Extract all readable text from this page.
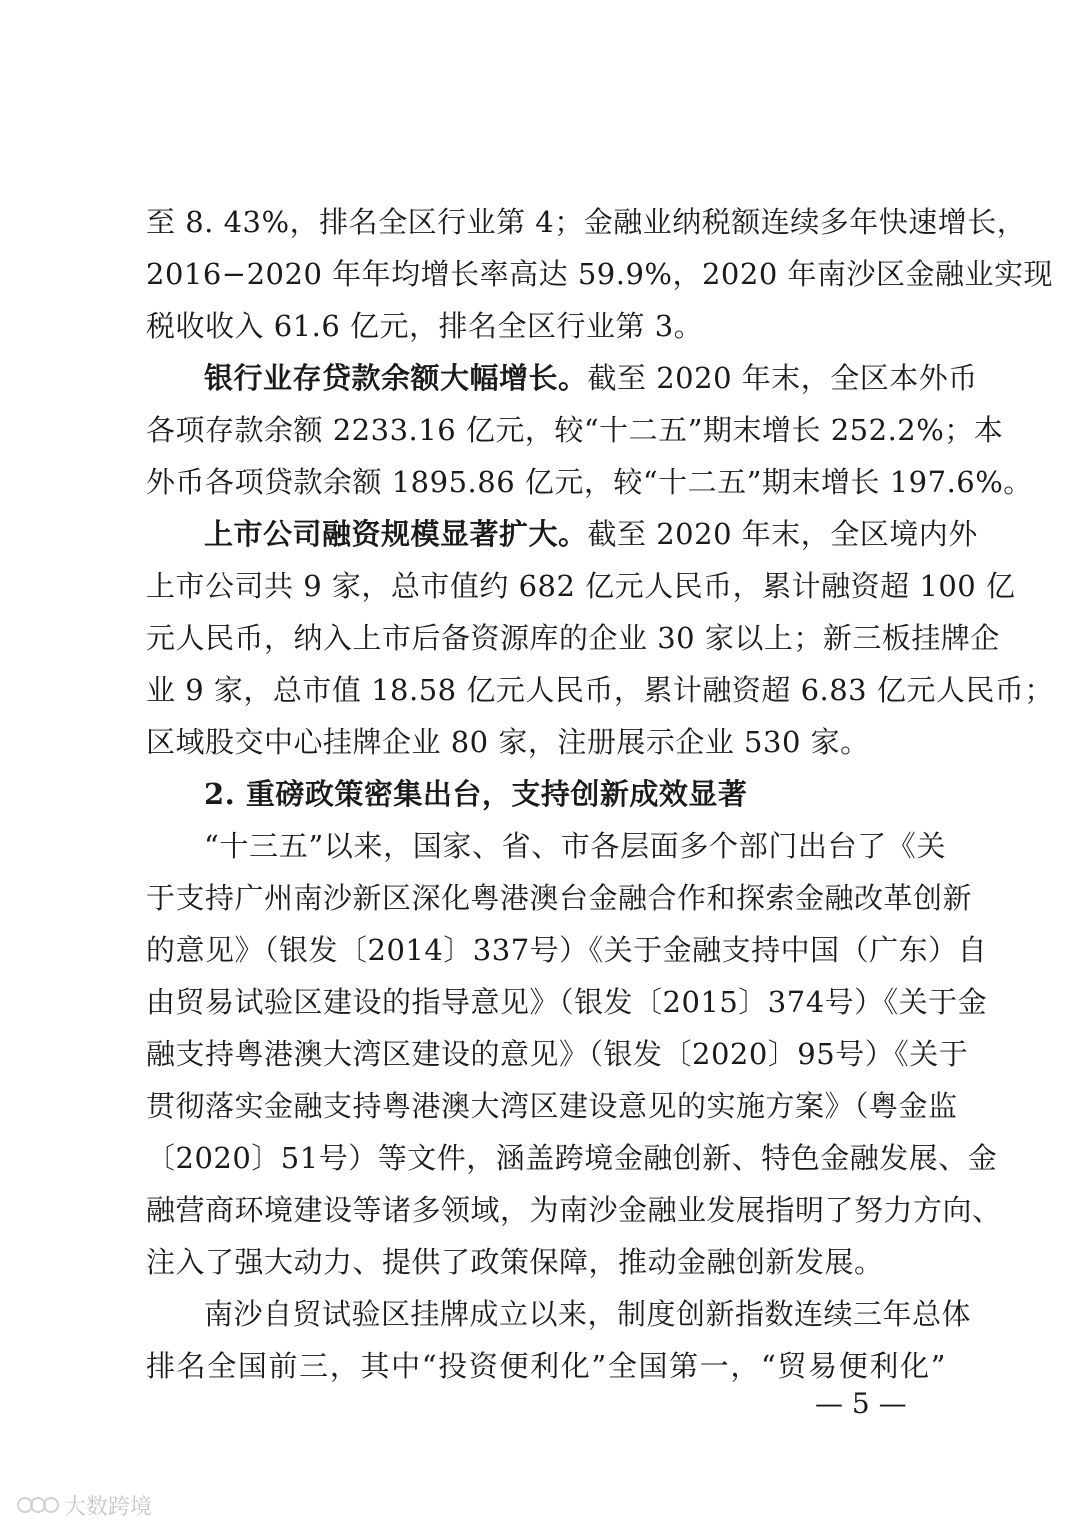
至 8. 43%，排名全区行业第 4；金融业纳税额连续多年快速增长，
2016−2020 年年均增长率高达 59.9%，2020 年南沙区金融业实现
税收收入 61.6 亿元，排名全区行业第 3。
银行业存贷款余额大幅增长。截至 2020 年末，全区本外币
各项存款余额 2233.16 亿元，较“十二五”期末增长 252.2%；本
外币各项贷款余额 1895.86 亿元，较“十二五”期末增长 197.6%。
上市公司融资规模显著扩大。截至 2020 年末，全区境内外
上市公司共 9 家，总市值约 682 亿元人民币，累计融资超 100 亿
元人民币，纳入上市后备资源库的企业 30 家以上；新三板挂牌企
业 9 家，总市值 18.58 亿元人民币，累计融资超 6.83 亿元人民币；
区域股交中心挂牌企业 80 家，注册展示企业 530 家。
2. 重磅政策密集出台，支持创新成效显著
“十三五”以来，国家、省、市各层面多个部门出台了《关
于支持广州南沙新区深化粤港澳台金融合作和探索金融改革创新
的意见》（银发〔2014〕337号）《关于金融支持中国（广东）自
由贸易试验区建设的指导意见》（银发〔2015〕374号）《关于金
融支持粤港澳大湾区建设的意见》（银发〔2020〕95号）《关于
贯彻落实金融支持粤港澳大湾区建设意见的实施方案》（粤金监
〔2020〕51号）等文件，涵盖跨境金融创新、特色金融发展、金
融营商环境建设等诸多领域，为南沙金融业发展指明了努力方向、
注入了强大动力、提供了政策保障，推动金融创新发展。
南沙自贸试验区挂牌成立以来，制度创新指数连续三年总体
排名全国前三，其中“投资便利化”全国第一，“贸易便利化”
— 5 —
大数跨境
